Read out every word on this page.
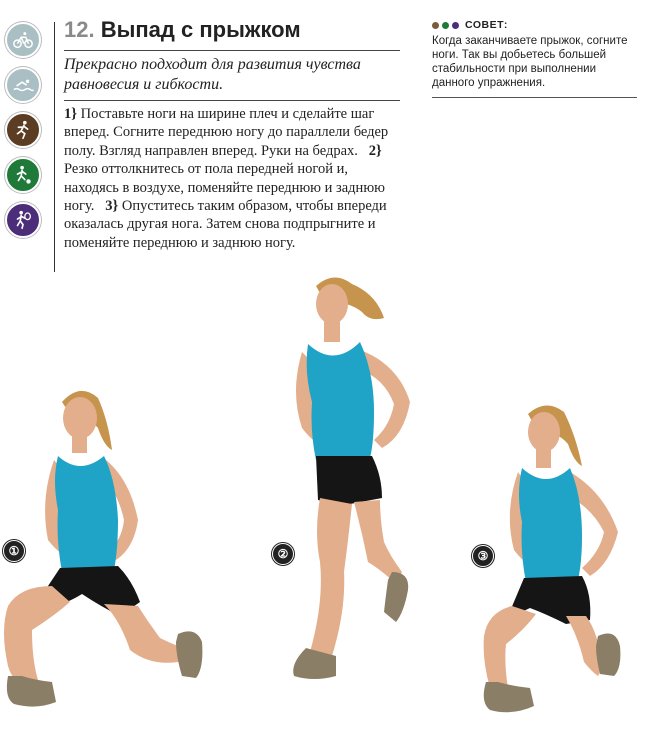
12. Выпад с прыжком
Прекрасно подходит для развития чувства равновесия и гибкости.
1} Поставьте ноги на ширине плеч и сделайте шаг вперед. Согните переднюю ногу до параллели бедер полу. Взгляд направлен вперед. Руки на бедрах. 2} Резко оттолкнитесь от пола передней ногой и, находясь в воздухе, поменяйте переднюю и заднюю ногу. 3} Опуститесь таким образом, чтобы впереди оказалась другая нога. Затем снова подпрыгните и поменяйте переднюю и заднюю ногу.
СОВЕТ:
Когда заканчиваете прыжок, согните ноги. Так вы добьетесь большей стабильности при выполнении данного упражнения.
①	②	③
